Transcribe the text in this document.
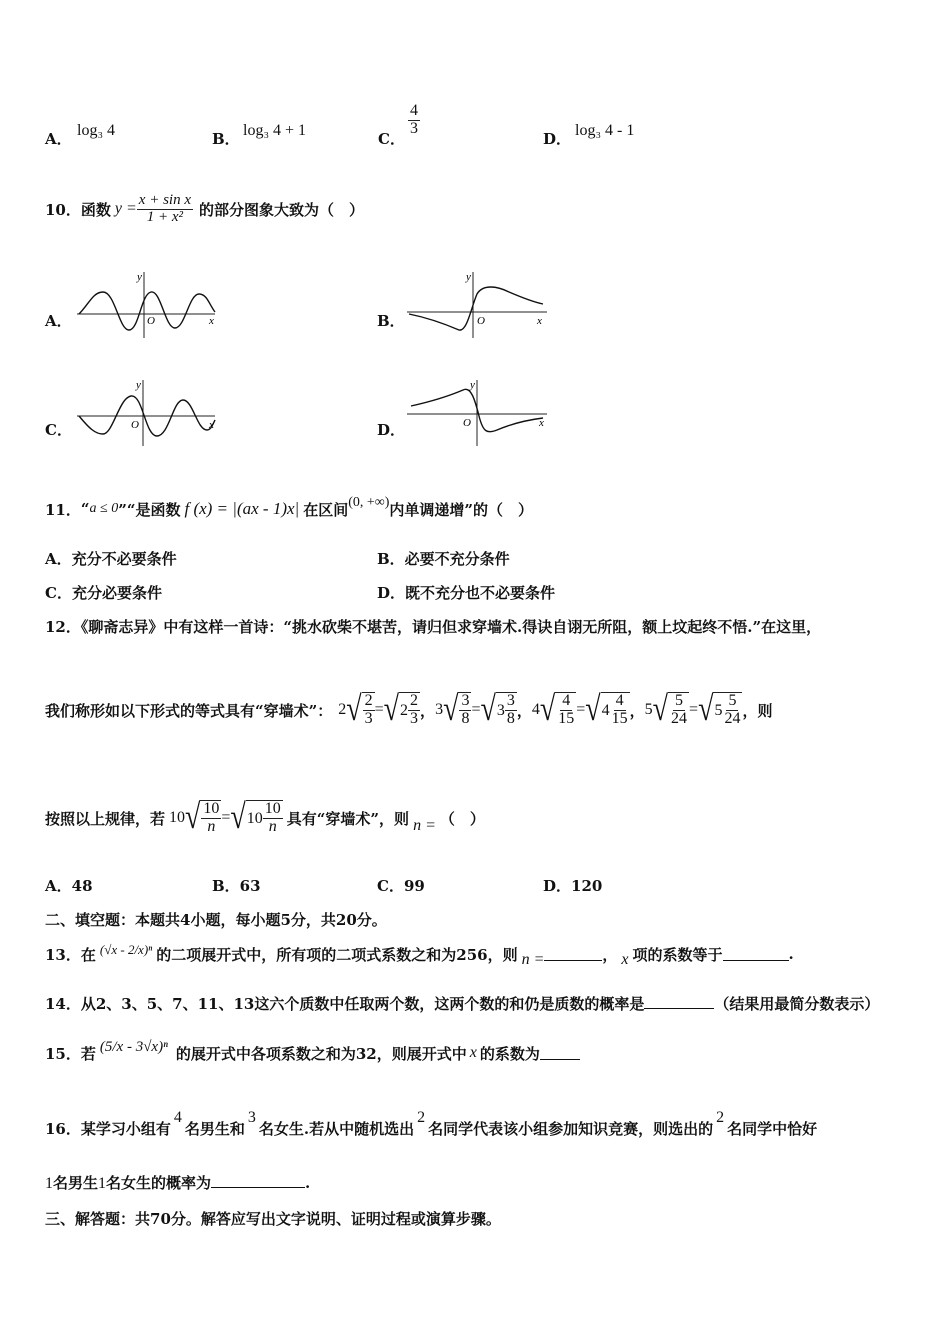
A． log₃ 4	B． log₃ 4 + 1	C．
$\frac{4}{3}$
D． log₃ 4 - 1
10． 函数 $y = \frac{\text{x + sin x}}{\text{1 + x²}}$ 的部分图象大致为（　）
A．
y
x
O	B．
y
x
O
C．
y
x
O	D．
y
x
O
11． “ a ≤ 0 ”“是函数 f (x) = |(ax - 1)x| 在区间 (0, +∞) 内单调递增”的（　）
A．充分不必要条件	B．必要不充分条件
C．充分必要条件	D．既不充分也不必要条件
12．《聊斋志异》中有这样一首诗：“挑水砍柴不堪苦，请归但求穿墙术.得诀自诩无所阻，额上坟起终不悟.”在这里，
我们称形如以下形式的等式具有“穿墙术”： 2 √ $\frac{2}{3}$ = √ $2 \frac{2}{3}$ ， 3 √ $\frac{3}{8}$ = √ $3 \frac{3}{8}$ ， 4 √ $\frac{4}{15}$ = √ $4 \frac{4}{15}$ ， 5 √ $\frac{5}{24}$ = √ $5 \frac{5}{24}$ ，则
按照以上规律，若 10 √ $\frac{10}{n}$ = √ $10 \frac{10}{n}$ 具有“穿墙术”，则 n = （　）
A．48	B．63	C．99	D．120
二、填空题：本题共4小题，每小题5分，共20分。
13．在 (√x - 2/x)ⁿ 的二项展开式中，所有项的二项式系数之和为256，则 n =	， x 项的系数等于	.
14．从2、3、5、7、11、13这六个质数中任取两个数，这两个数的和仍是质数的概率是	（结果用最简分数表示）
15．若 (5/x - 3√x)ⁿ 的展开式中各项系数之和为32，则展开式中 x 的系数为
16．某学习小组有
4
名男生和
3
名女生.若从中随机选出
2
名同学代表该小组参加知识竞赛，则选出的
2
名同学中恰好
1 名男生 1 名女生的概率为	.
三、解答题：共70分。解答应写出文字说明、证明过程或演算步骤。
